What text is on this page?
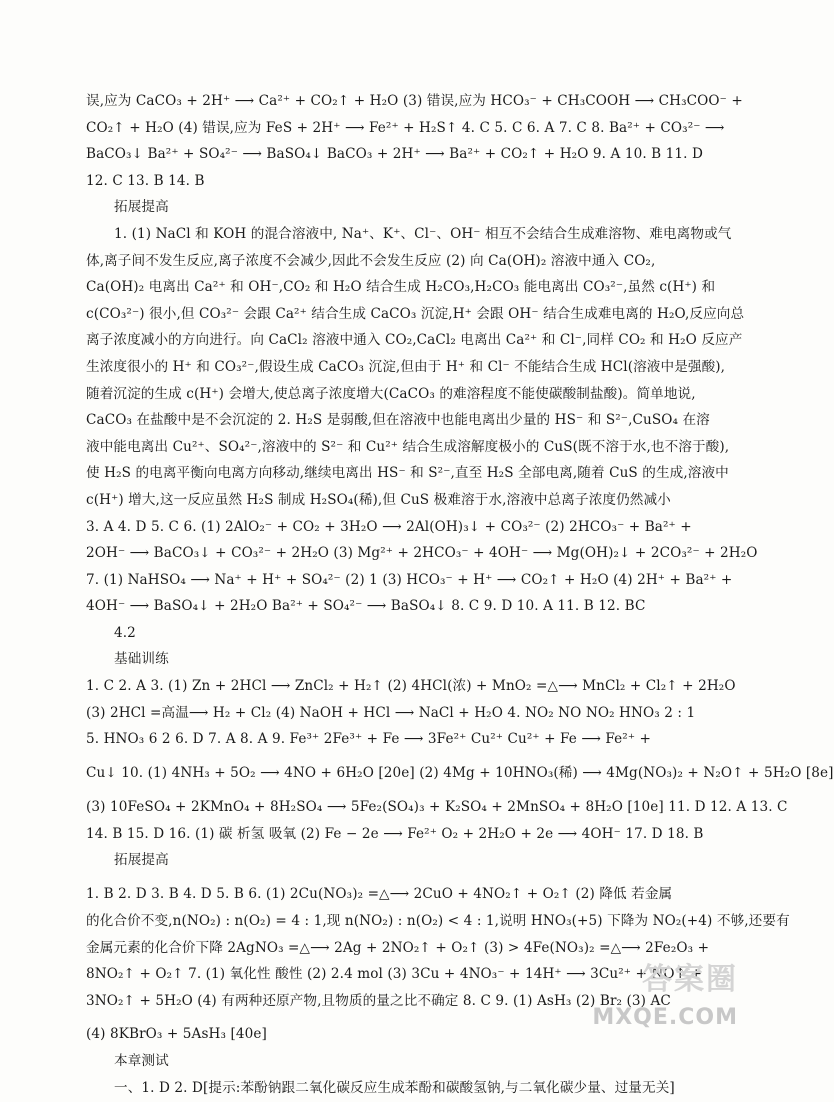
误,应为 CaCO₃ + 2H⁺ ⟶ Ca²⁺ + CO₂↑ + H₂O (3) 错误,应为 HCO₃⁻ + CH₃COOH ⟶ CH₃COO⁻ +
CO₂↑ + H₂O (4) 错误,应为 FeS + 2H⁺ ⟶ Fe²⁺ + H₂S↑ 4. C 5. C 6. A 7. C 8. Ba²⁺ + CO₃²⁻ ⟶
BaCO₃↓ Ba²⁺ + SO₄²⁻ ⟶ BaSO₄↓ BaCO₃ + 2H⁺ ⟶ Ba²⁺ + CO₂↑ + H₂O 9. A 10. B 11. D
12. C 13. B 14. B
拓展提高
1. (1) NaCl 和 KOH 的混合溶液中, Na⁺、K⁺、Cl⁻、OH⁻ 相互不会结合生成难溶物、难电离物或气
体,离子间不发生反应,离子浓度不会减少,因此不会发生反应 (2) 向 Ca(OH)₂ 溶液中通入 CO₂,
Ca(OH)₂ 电离出 Ca²⁺ 和 OH⁻,CO₂ 和 H₂O 结合生成 H₂CO₃,H₂CO₃ 能电离出 CO₃²⁻,虽然 c(H⁺) 和
c(CO₃²⁻) 很小,但 CO₃²⁻ 会跟 Ca²⁺ 结合生成 CaCO₃ 沉淀,H⁺ 会跟 OH⁻ 结合生成难电离的 H₂O,反应向总
离子浓度减小的方向进行。向 CaCl₂ 溶液中通入 CO₂,CaCl₂ 电离出 Ca²⁺ 和 Cl⁻,同样 CO₂ 和 H₂O 反应产
生浓度很小的 H⁺ 和 CO₃²⁻,假设生成 CaCO₃ 沉淀,但由于 H⁺ 和 Cl⁻ 不能结合生成 HCl(溶液中是强酸),
随着沉淀的生成 c(H⁺) 会增大,使总离子浓度增大(CaCO₃ 的难溶程度不能使碳酸制盐酸)。简单地说,
CaCO₃ 在盐酸中是不会沉淀的 2. H₂S 是弱酸,但在溶液中也能电离出少量的 HS⁻ 和 S²⁻,CuSO₄ 在溶
液中能电离出 Cu²⁺、SO₄²⁻,溶液中的 S²⁻ 和 Cu²⁺ 结合生成溶解度极小的 CuS(既不溶于水,也不溶于酸),
使 H₂S 的电离平衡向电离方向移动,继续电离出 HS⁻ 和 S²⁻,直至 H₂S 全部电离,随着 CuS 的生成,溶液中
c(H⁺) 增大,这一反应虽然 H₂S 制成 H₂SO₄(稀),但 CuS 极难溶于水,溶液中总离子浓度仍然减小
3. A 4. D 5. C 6. (1) 2AlO₂⁻ + CO₂ + 3H₂O ⟶ 2Al(OH)₃↓ + CO₃²⁻ (2) 2HCO₃⁻ + Ba²⁺ +
2OH⁻ ⟶ BaCO₃↓ + CO₃²⁻ + 2H₂O (3) Mg²⁺ + 2HCO₃⁻ + 4OH⁻ ⟶ Mg(OH)₂↓ + 2CO₃²⁻ + 2H₂O
7. (1) NaHSO₄ ⟶ Na⁺ + H⁺ + SO₄²⁻ (2) 1 (3) HCO₃⁻ + H⁺ ⟶ CO₂↑ + H₂O (4) 2H⁺ + Ba²⁺ +
4OH⁻ ⟶ BaSO₄↓ + 2H₂O Ba²⁺ + SO₄²⁻ ⟶ BaSO₄↓ 8. C 9. D 10. A 11. B 12. BC
4.2
基础训练
1. C 2. A 3. (1) Zn + 2HCl ⟶ ZnCl₂ + H₂↑ (2) 4HCl(浓) + MnO₂ =△⟶ MnCl₂ + Cl₂↑ + 2H₂O
(3) 2HCl =高温⟶ H₂ + Cl₂ (4) NaOH + HCl ⟶ NaCl + H₂O 4. NO₂ NO NO₂ HNO₃ 2 : 1
5. HNO₃ 6 2 6. D 7. A 8. A 9. Fe³⁺ 2Fe³⁺ + Fe ⟶ 3Fe²⁺ Cu²⁺ Cu²⁺ + Fe ⟶ Fe²⁺ +
Cu↓ 10. (1) 4NH₃ + 5O₂ ⟶ 4NO + 6H₂O [20e] (2) 4Mg + 10HNO₃(稀) ⟶ 4Mg(NO₃)₂ + N₂O↑ + 5H₂O [8e]
(3) 10FeSO₄ + 2KMnO₄ + 8H₂SO₄ ⟶ 5Fe₂(SO₄)₃ + K₂SO₄ + 2MnSO₄ + 8H₂O [10e] 11. D 12. A 13. C
14. B 15. D 16. (1) 碳 析氢 吸氧 (2) Fe − 2e ⟶ Fe²⁺ O₂ + 2H₂O + 2e ⟶ 4OH⁻ 17. D 18. B
拓展提高
1. B 2. D 3. B 4. D 5. B 6. (1) 2Cu(NO₃)₂ =△⟶ 2CuO + 4NO₂↑ + O₂↑ (2) 降低 若金属
的化合价不变,n(NO₂) : n(O₂) = 4 : 1,现 n(NO₂) : n(O₂) < 4 : 1,说明 HNO₃(+5) 下降为 NO₂(+4) 不够,还要有
金属元素的化合价下降 2AgNO₃ =△⟶ 2Ag + 2NO₂↑ + O₂↑ (3) > 4Fe(NO₃)₂ =△⟶ 2Fe₂O₃ +
8NO₂↑ + O₂↑ 7. (1) 氧化性 酸性 (2) 2.4 mol (3) 3Cu + 4NO₃⁻ + 14H⁺ ⟶ 3Cu²⁺ + NO↑ +
3NO₂↑ + 5H₂O (4) 有两种还原产物,且物质的量之比不确定 8. C 9. (1) AsH₃ (2) Br₂ (3) AC
(4) 8KBrO₃ + 5AsH₃ [40e]
本章测试
一、1. D 2. D[提示:苯酚钠跟二氧化碳反应生成苯酚和碳酸氢钠,与二氧化碳少量、过量无关]
答案圈
MXQE.COM
